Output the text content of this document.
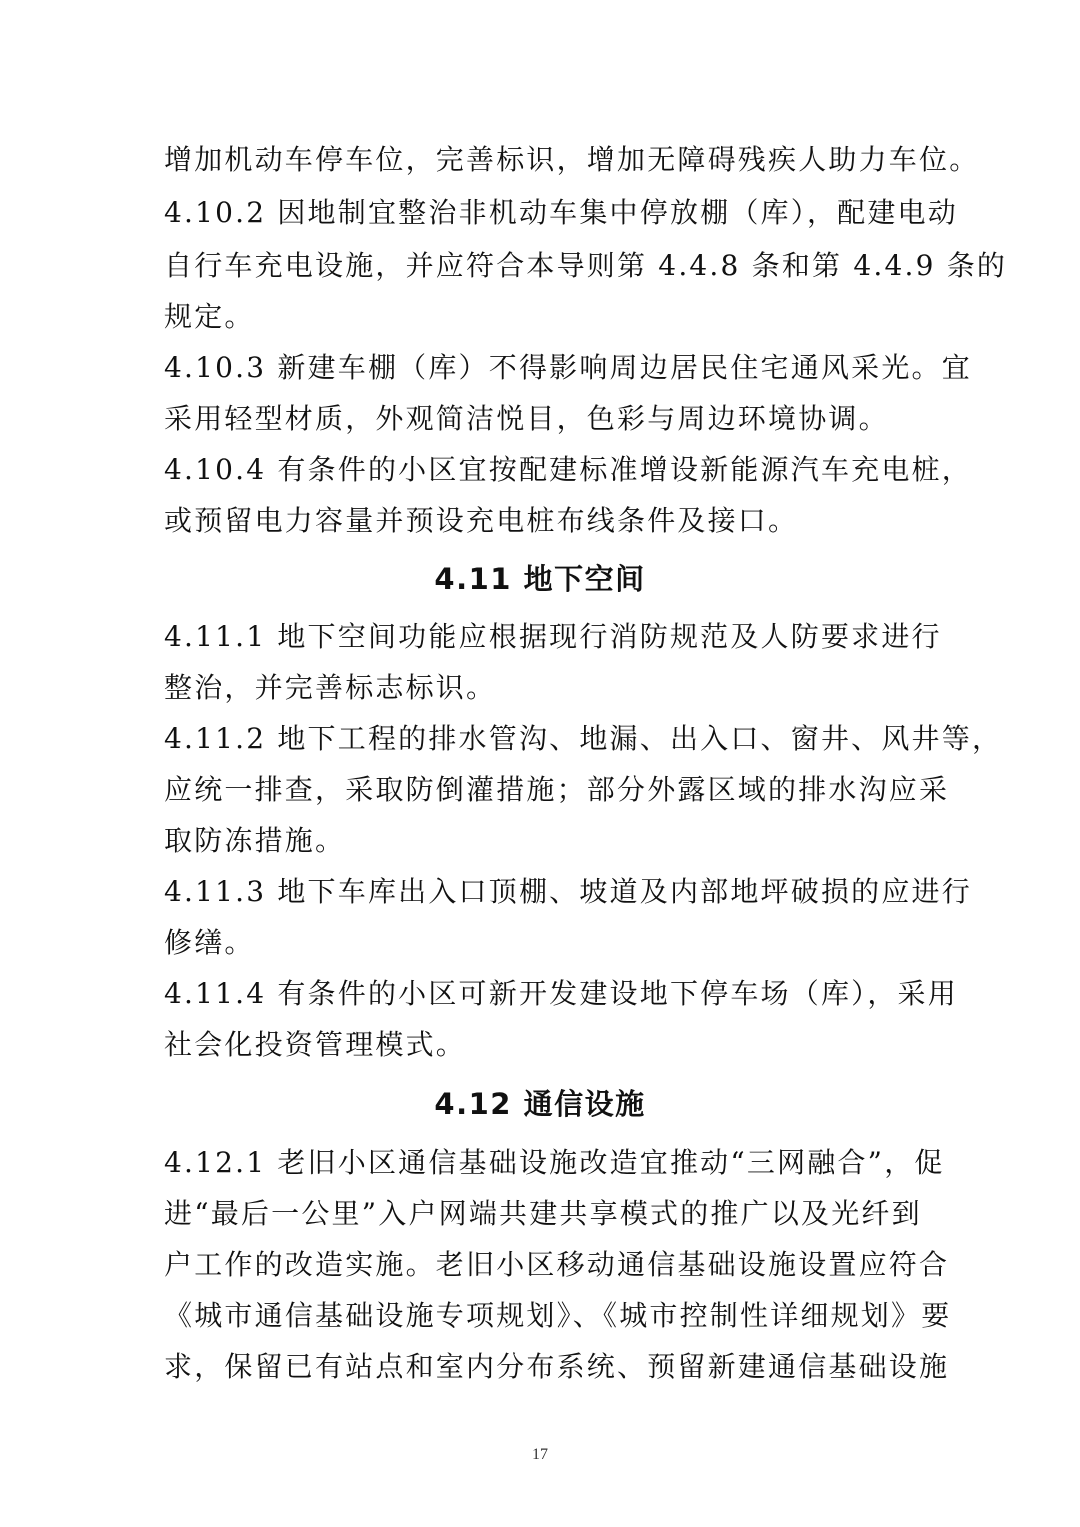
增加机动车停车位，完善标识，增加无障碍残疾人助力车位。
4.10.2 因地制宜整治非机动车集中停放棚（库），配建电动
自行车充电设施，并应符合本导则第 4.4.8 条和第 4.4.9 条的
规定。
4.10.3 新建车棚（库）不得影响周边居民住宅通风采光。宜
采用轻型材质，外观简洁悦目，色彩与周边环境协调。
4.10.4 有条件的小区宜按配建标准增设新能源汽车充电桩，
或预留电力容量并预设充电桩布线条件及接口。
4.11 地下空间
4.11.1 地下空间功能应根据现行消防规范及人防要求进行
整治，并完善标志标识。
4.11.2 地下工程的排水管沟、地漏、出入口、窗井、风井等，
应统一排查，采取防倒灌措施；部分外露区域的排水沟应采
取防冻措施。
4.11.3 地下车库出入口顶棚、坡道及内部地坪破损的应进行
修缮。
4.11.4 有条件的小区可新开发建设地下停车场（库），采用
社会化投资管理模式。
4.12 通信设施
4.12.1 老旧小区通信基础设施改造宜推动“三网融合”，促
进“最后一公里”入户网端共建共享模式的推广以及光纤到
户工作的改造实施。老旧小区移动通信基础设施设置应符合
《城市通信基础设施专项规划》、《城市控制性详细规划》要
求，保留已有站点和室内分布系统、预留新建通信基础设施
17
